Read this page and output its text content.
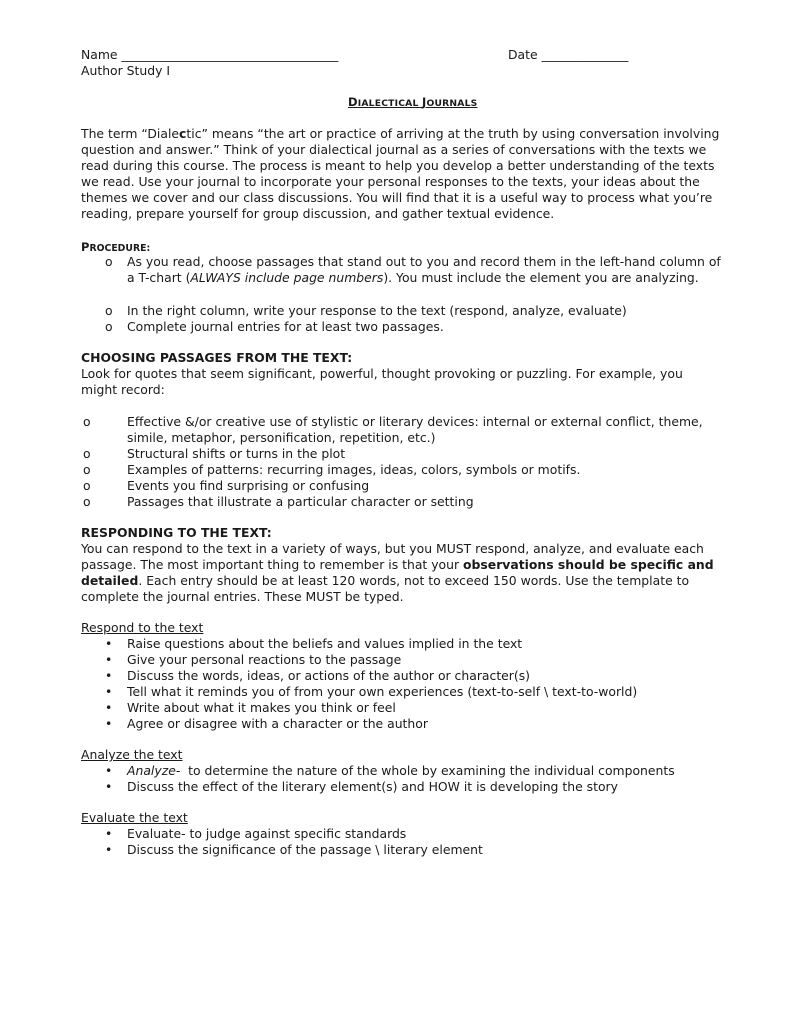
Name ___________________________________	Date ______________
Author Study I
DIALECTICAL JOURNALS
The term “Dialectic” means “the art or practice of arriving at the truth by using conversation involving question and answer.” Think of your dialectical journal as a series of conversations with the texts we read during this course. The process is meant to help you develop a better understanding of the texts we read. Use your journal to incorporate your personal responses to the texts, your ideas about the themes we cover and our class discussions. You will find that it is a useful way to process what you’re reading, prepare yourself for group discussion, and gather textual evidence.
PROCEDURE:
o As you read, choose passages that stand out to you and record them in the left-hand column of a T-chart (ALWAYS include page numbers). You must include the element you are analyzing.
o In the right column, write your response to the text (respond, analyze, evaluate)
o Complete journal entries for at least two passages.
CHOOSING PASSAGES FROM THE TEXT:
Look for quotes that seem significant, powerful, thought provoking or puzzling. For example, you might record:
o	Effective &/or creative use of stylistic or literary devices: internal or external conflict, theme, simile, metaphor, personification, repetition, etc.)
o	Structural shifts or turns in the plot
o	Examples of patterns: recurring images, ideas, colors, symbols or motifs.
o	Events you find surprising or confusing
o	Passages that illustrate a particular character or setting
RESPONDING TO THE TEXT:
You can respond to the text in a variety of ways, but you MUST respond, analyze, and evaluate each passage. The most important thing to remember is that your observations should be specific and detailed. Each entry should be at least 120 words, not to exceed 150 words. Use the template to complete the journal entries. These MUST be typed.
Respond to the text
• Raise questions about the beliefs and values implied in the text
• Give your personal reactions to the passage
• Discuss the words, ideas, or actions of the author or character(s)
• Tell what it reminds you of from your own experiences (text-to-self \ text-to-world)
• Write about what it makes you think or feel
• Agree or disagree with a character or the author
Analyze the text
• Analyze-  to determine the nature of the whole by examining the individual components
• Discuss the effect of the literary element(s) and HOW it is developing the story
Evaluate the text
• Evaluate- to judge against specific standards
• Discuss the significance of the passage \ literary element
